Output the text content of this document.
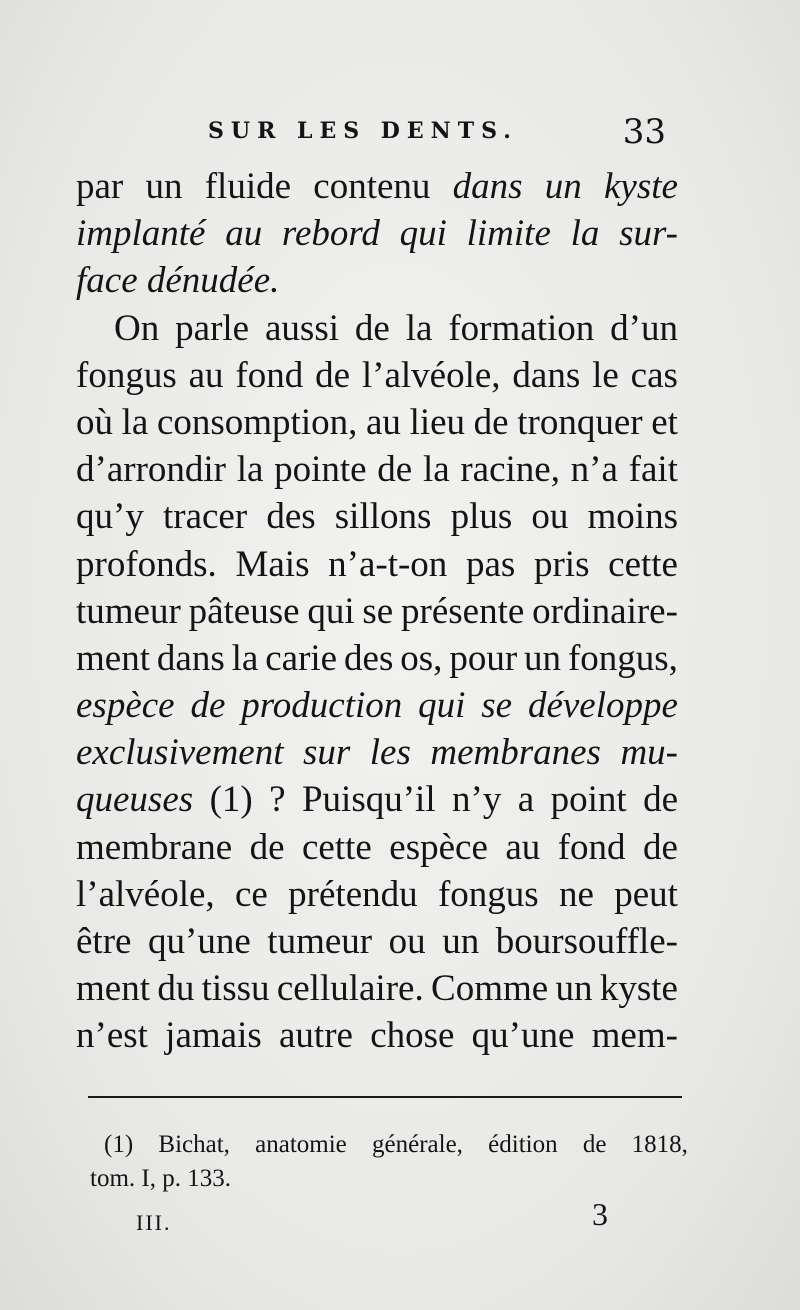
SUR LES DENTS.	33
par un fluide contenu dans un kyste
implanté au rebord qui limite la sur-
face dénudée.
On parle aussi de la formation d’un
fongus au fond de l’alvéole, dans le cas
où la consomption, au lieu de tronquer et
d’arrondir la pointe de la racine, n’a fait
qu’y tracer des sillons plus ou moins
profonds. Mais n’a-t-on pas pris cette
tumeur pâteuse qui se présente ordinaire-
ment dans la carie des os, pour un fongus,
espèce de production qui se développe
exclusivement sur les membranes mu-
queuses (1) ? Puisqu’il n’y a point de
membrane de cette espèce au fond de
l’alvéole, ce prétendu fongus ne peut
être qu’une tumeur ou un boursouffle-
ment du tissu cellulaire. Comme un kyste
n’est jamais autre chose qu’une mem-
(1) Bichat, anatomie générale, édition de 1818,
tom. I, p. 133.
III.	3
